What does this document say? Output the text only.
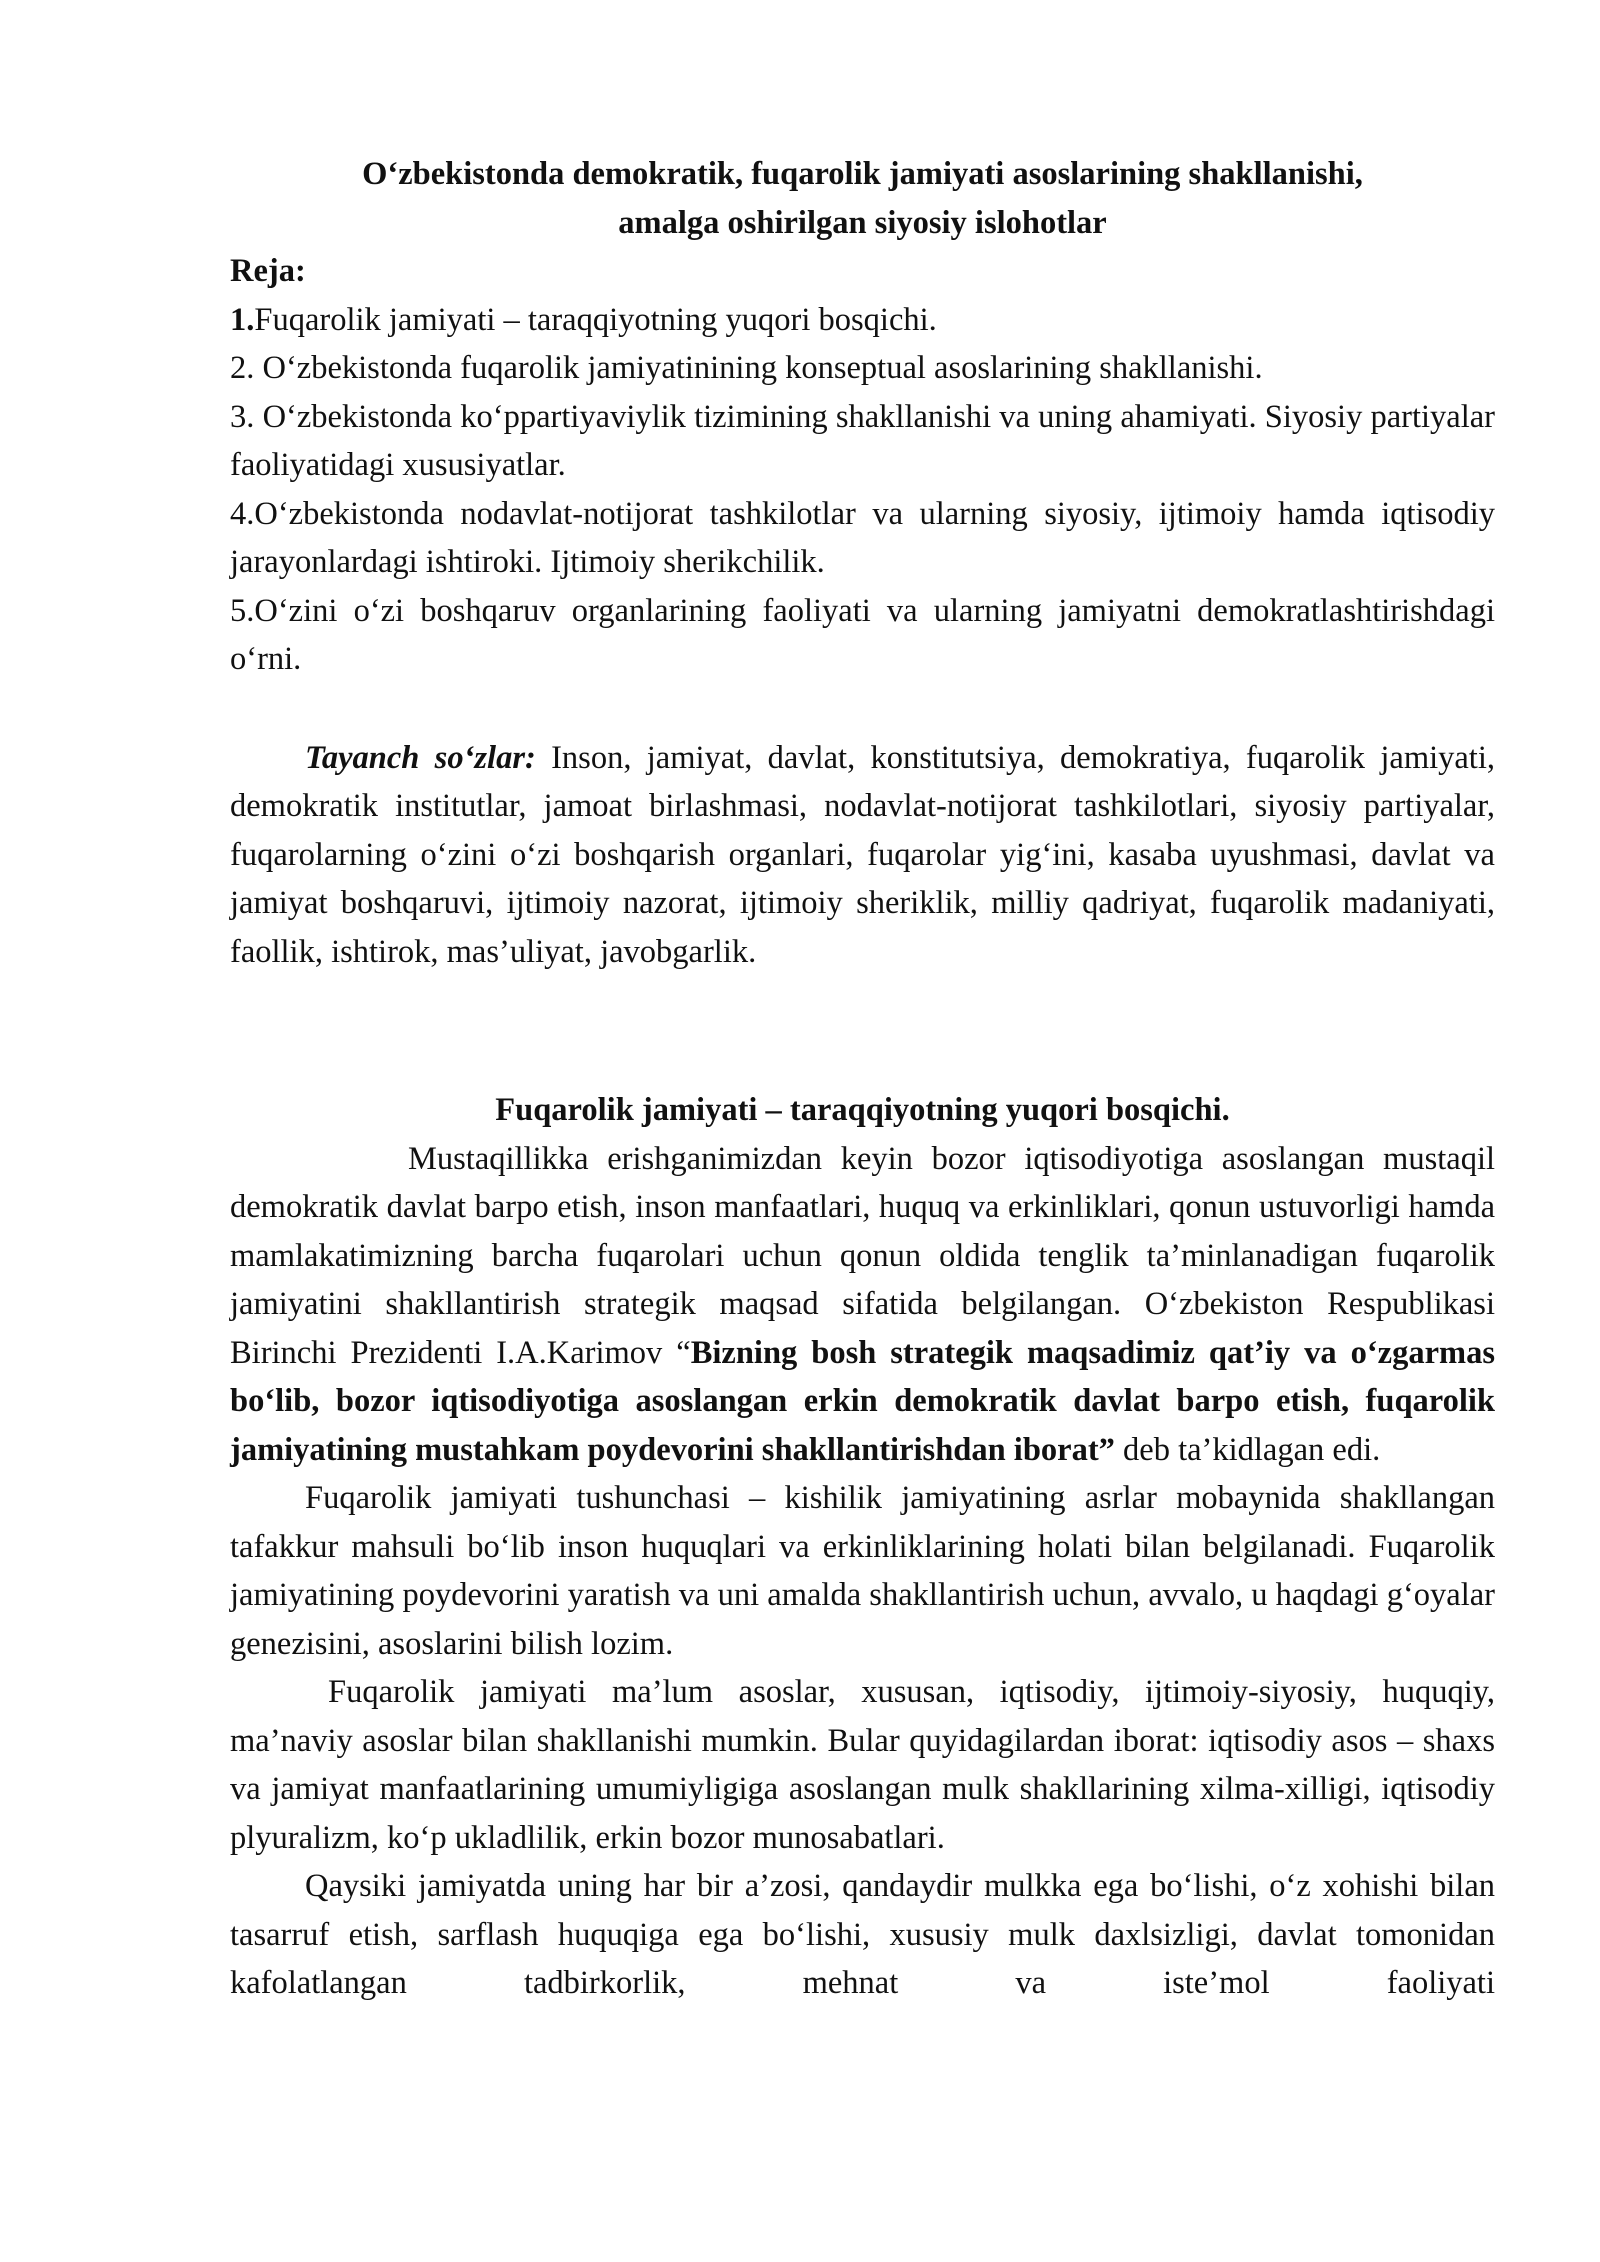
O‘zbekistonda demokratik, fuqarolik jamiyati asoslarining shakllanishi,
amalga oshirilgan siyosiy islohotlar
Reja:
1.Fuqarolik jamiyati – taraqqiyotning yuqori bosqichi.
2. O‘zbekistonda fuqarolik jamiyatinining konseptual asoslarining shakllanishi.
3. O‘zbekistonda ko‘ppartiyaviylik tizimining shakllanishi va uning ahamiyati. Siyosiy partiyalar faoliyatidagi xususiyatlar.
4.O‘zbekistonda nodavlat-notijorat tashkilotlar va ularning siyosiy, ijtimoiy hamda iqtisodiy jarayonlardagi ishtiroki. Ijtimoiy sherikchilik.
5.O‘zini o‘zi boshqaruv organlarining faoliyati va ularning jamiyatni demokratlashtirishdagi o‘rni.

Tayanch so‘zlar: Inson, jamiyat, davlat, konstitutsiya, demokratiya, fuqarolik jamiyati, demokratik institutlar, jamoat birlashmasi, nodavlat-notijorat tashkilotlari, siyosiy partiyalar, fuqarolarning o‘zini o‘zi boshqarish organlari, fuqarolar yig‘ini, kasaba uyushmasi, davlat va jamiyat boshqaruvi, ijtimoiy nazorat, ijtimoiy sheriklik, milliy qadriyat, fuqarolik madaniyati, faollik, ishtirok, mas’uliyat, javobgarlik.

Fuqarolik jamiyati – taraqqiyotning yuqori bosqichi.

Mustaqillikka erishganimizdan keyin bozor iqtisodiyotiga asoslangan mustaqil demokratik davlat barpo etish, inson manfaatlari, huquq va erkinliklari, qonun ustuvorligi hamda mamlakatimizning barcha fuqarolari uchun qonun oldida tenglik ta’minlanadigan fuqarolik jamiyatini shakllantirish strategik maqsad sifatida belgilangan. O‘zbekiston Respublikasi Birinchi Prezidenti I.A.Karimov “Bizning bosh strategik maqsadimiz qat’iy va o‘zgarmas bo‘lib, bozor iqtisodiyotiga asoslangan erkin demokratik davlat barpo etish, fuqarolik jamiyatining mustahkam poydevorini shakllantirishdan iborat” deb ta’kidlagan edi.

Fuqarolik jamiyati tushunchasi – kishilik jamiyatining asrlar mobaynida shakllangan tafakkur mahsuli bo‘lib inson huquqlari va erkinliklarining holati bilan belgilanadi. Fuqarolik jamiyatining poydevorini yaratish va uni amalda shakllantirish uchun, avvalo, u haqdagi g‘oyalar genezisini, asoslarini bilish lozim.

Fuqarolik jamiyati ma’lum asoslar, xususan, iqtisodiy, ijtimoiy-siyosiy, huquqiy, ma’naviy asoslar bilan shakllanishi mumkin. Bular quyidagilardan iborat: iqtisodiy asos – shaxs va jamiyat manfaatlarining umumiyligiga asoslangan mulk shakllarining xilma-xilligi, iqtisodiy plyuralizm, ko‘p ukladlilik, erkin bozor munosabatlari.

Qaysiki jamiyatda uning har bir a’zosi, qandaydir mulkka ega bo‘lishi, o‘z xohishi bilan tasarruf etish, sarflash huquqiga ega bo‘lishi, xususiy mulk daxlsizligi, davlat tomonidan kafolatlangan tadbirkorlik, mehnat va iste’mol faoliyati
